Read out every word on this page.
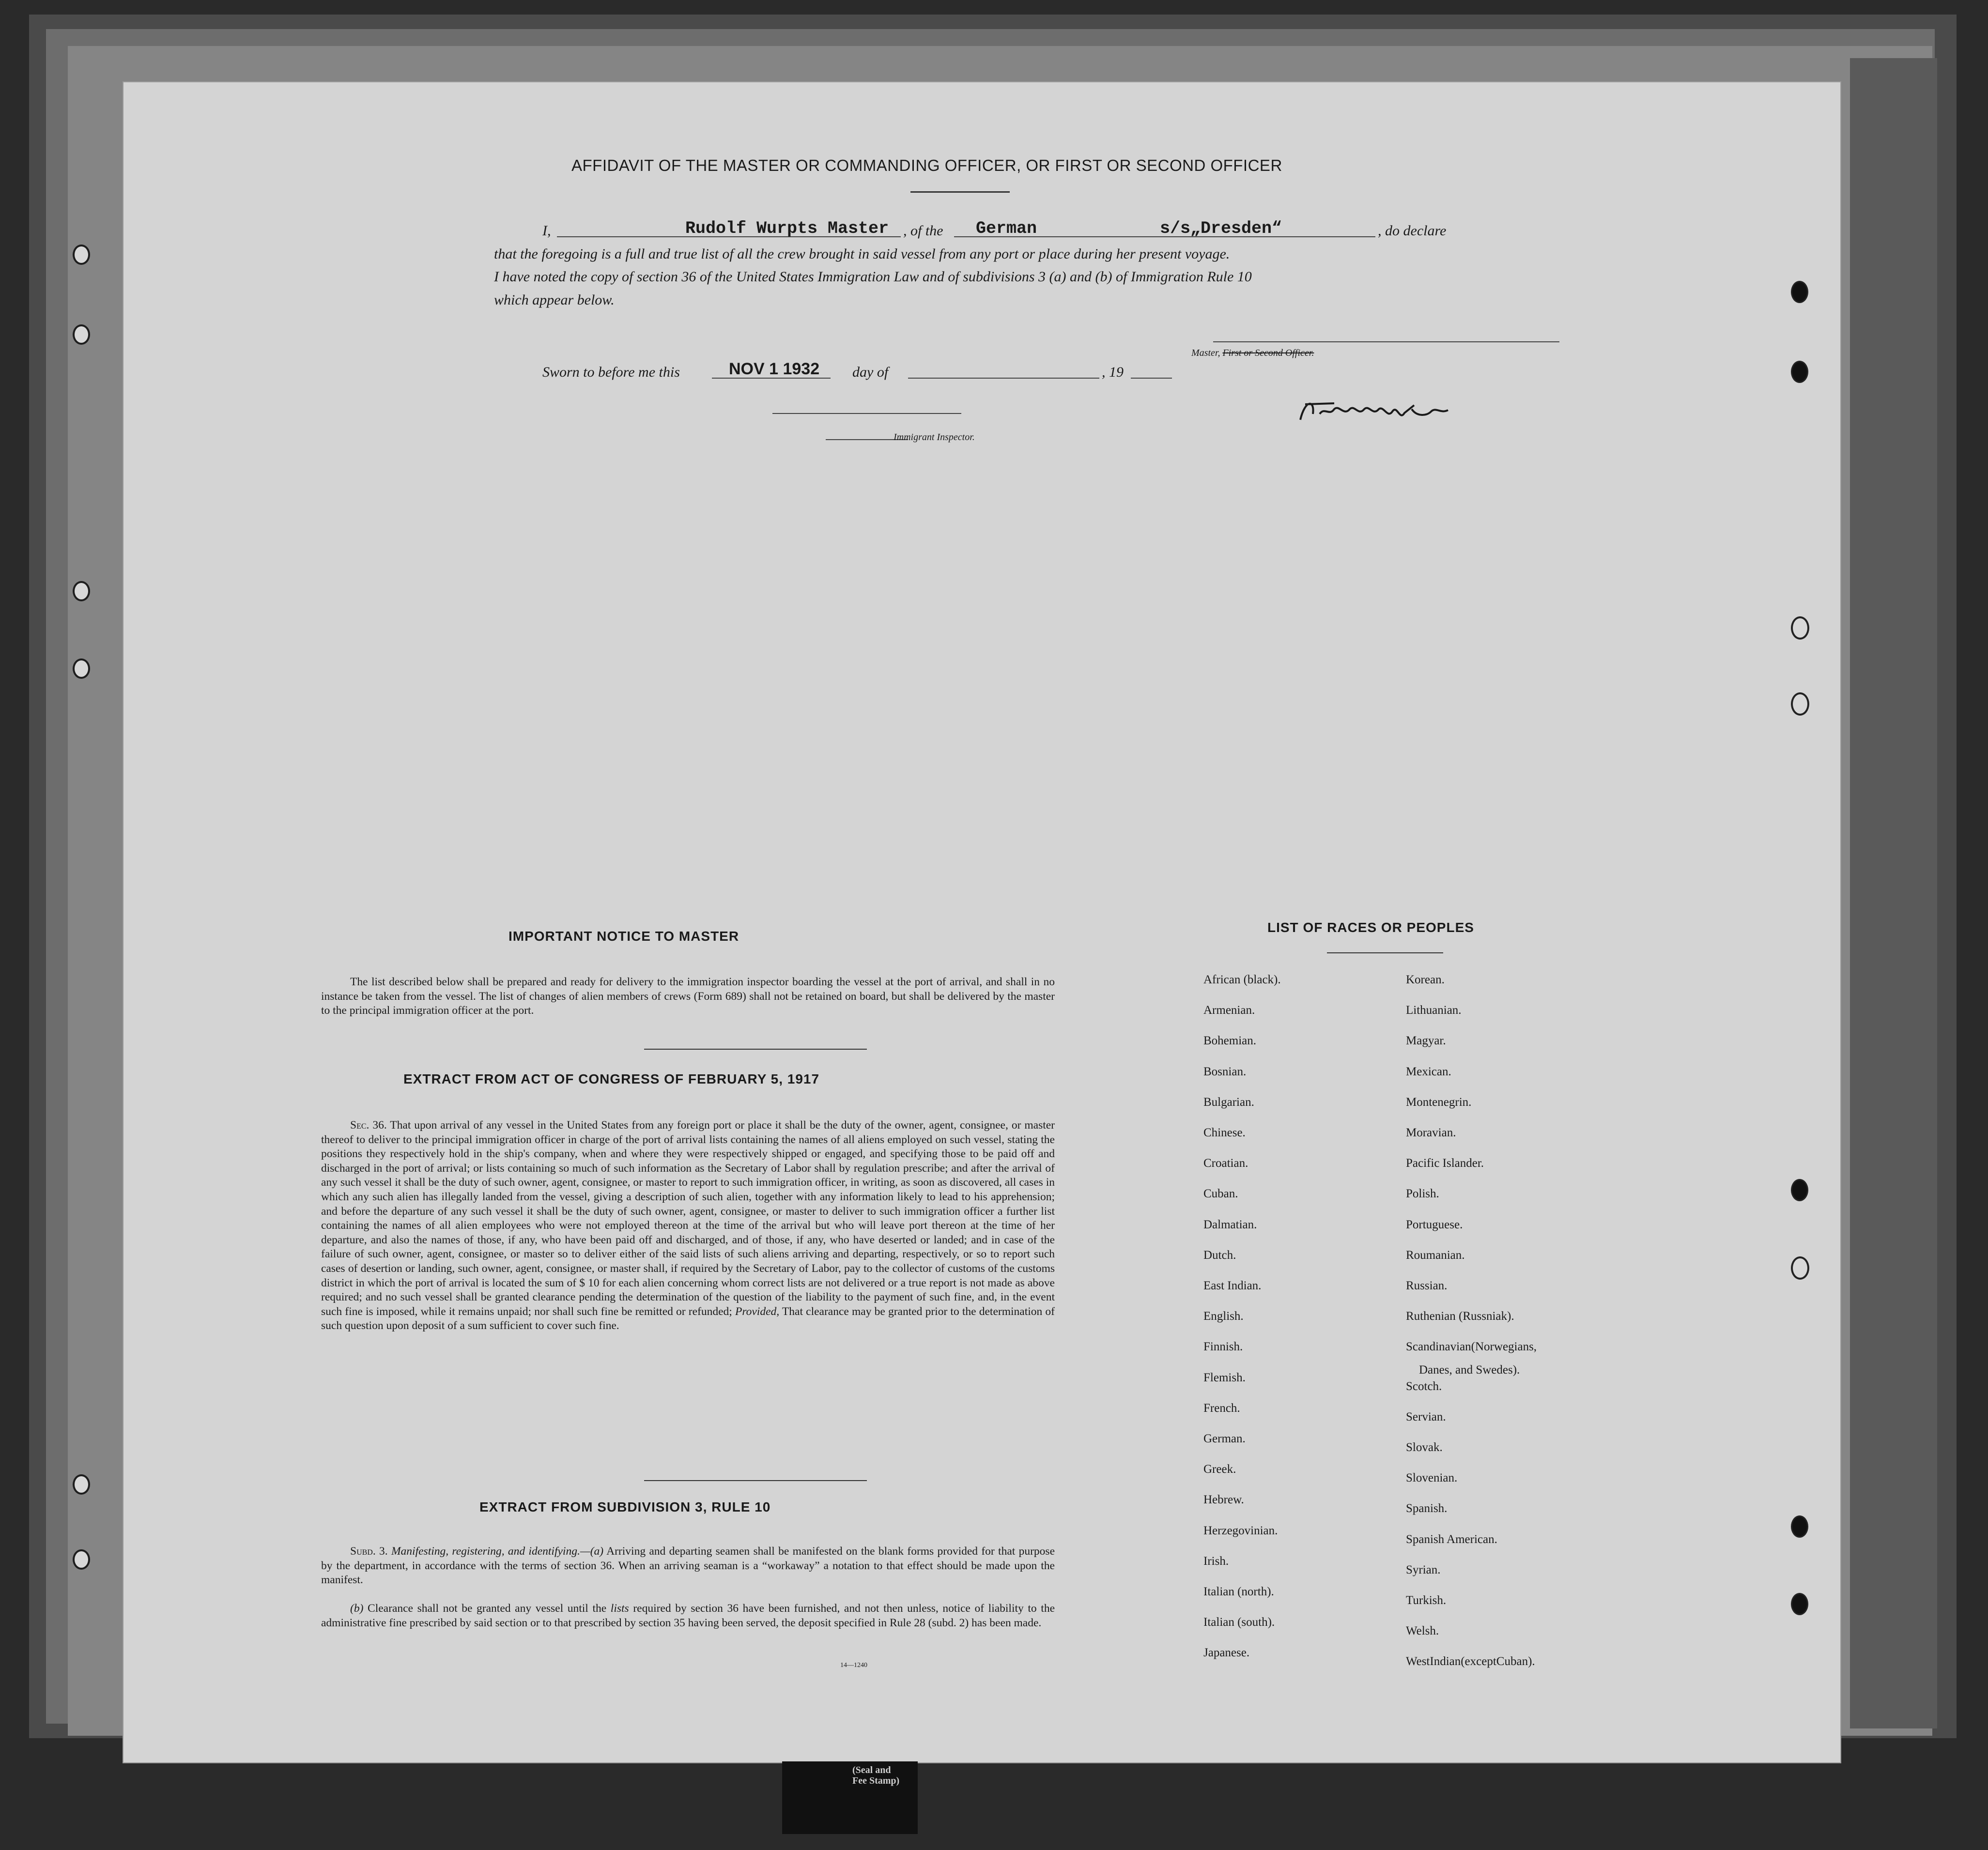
AFFIDAVIT OF THE MASTER OR COMMANDING OFFICER, OR FIRST OR SECOND OFFICER
I,	Rudolf Wurpts Master , of the German	s/s„Dresden“	, do declare
that the foregoing is a full and true list of all the crew brought in said vessel from any port or place during her present voyage.
I have noted the copy of section 36 of the United States Immigration Law and of subdivisions 3 (a) and (b) of Immigration Rule 10
which appear below.
Master, First or Second Officer.
Sworn to before me this	NOV 1 1932 day of	, 19
Immigrant Inspector.
IMPORTANT NOTICE TO MASTER

The list described below shall be prepared and ready for delivery to the immigration inspector boarding the vessel at the port of arrival, and shall in no instance be taken from the vessel. The list of changes of alien members of crews (Form 689) shall not be retained on board, but shall be delivered by the master to the principal immigration officer at the port.

EXTRACT FROM ACT OF CONGRESS OF FEBRUARY 5, 1917

Sec. 36. That upon arrival of any vessel in the United States from any foreign port or place it shall be the duty of the owner, agent, consignee, or master thereof to deliver to the principal immigration officer in charge of the port of arrival lists containing the names of all aliens employed on such vessel, stating the positions they respectively hold in the ship's company, when and where they were respectively shipped or engaged, and specifying those to be paid off and discharged in the port of arrival; or lists containing so much of such information as the Secretary of Labor shall by regulation prescribe; and after the arrival of any such vessel it shall be the duty of such owner, agent, consignee, or master to report to such immigration officer, in writing, as soon as discovered, all cases in which any such alien has illegally landed from the vessel, giving a description of such alien, together with any information likely to lead to his apprehension; and before the departure of any such vessel it shall be the duty of such owner, agent, consignee, or master to deliver to such immigration officer a further list containing the names of all alien employees who were not employed thereon at the time of the arrival but who will leave port thereon at the time of her departure, and also the names of those, if any, who have been paid off and discharged, and of those, if any, who have deserted or landed; and in case of the failure of such owner, agent, consignee, or master so to deliver either of the said lists of such aliens arriving and departing, respectively, or so to report such cases of desertion or landing, such owner, agent, consignee, or master shall, if required by the Secretary of Labor, pay to the collector of customs of the customs district in which the port of arrival is located the sum of $ 10 for each alien concerning whom correct lists are not delivered or a true report is not made as above required; and no such vessel shall be granted clearance pending the determination of the question of the liability to the payment of such fine, and, in the event such fine is imposed, while it remains unpaid; nor shall such fine be remitted or refunded; Provided, That clearance may be granted prior to the determination of such question upon deposit of a sum sufficient to cover such fine.

EXTRACT FROM SUBDIVISION 3, RULE 10

Subd. 3. Manifesting, registering, and identifying.—(a) Arriving and departing seamen shall be manifested on the blank forms provided for that purpose by the department, in accordance with the terms of section 36. When an arriving seaman is a “workaway” a notation to that effect should be made upon the manifest.

(b) Clearance shall not be granted any vessel until the lists required by section 36 have been furnished, and not then unless, notice of liability to the administrative fine prescribed by said section or to that prescribed by section 35 having been served, the deposit specified in Rule 28 (subd. 2) has been made.

14—1240
LIST OF RACES OR PEOPLES
African (black).
Armenian.
Bohemian.
Bosnian.
Bulgarian.
Chinese.
Croatian.
Cuban.
Dalmatian.
Dutch.
East Indian.
English.
Finnish.
Flemish.
French.
German.
Greek.
Hebrew.
Herzegovinian.
Irish.
Italian (north).
Italian (south).
Japanese.
Korean.
Lithuanian.
Magyar.
Mexican.
Montenegrin.
Moravian.
Pacific Islander.
Polish.
Portuguese.
Roumanian.
Russian.
Ruthenian (Russniak).
Scandinavian(Norwegians,
Danes, and Swedes).
Scotch.
Servian.
Slovak.
Slovenian.
Spanish.
Spanish American.
Syrian.
Turkish.
Welsh.
WestIndian(exceptCuban).
(Seal and
Fee Stamp)
